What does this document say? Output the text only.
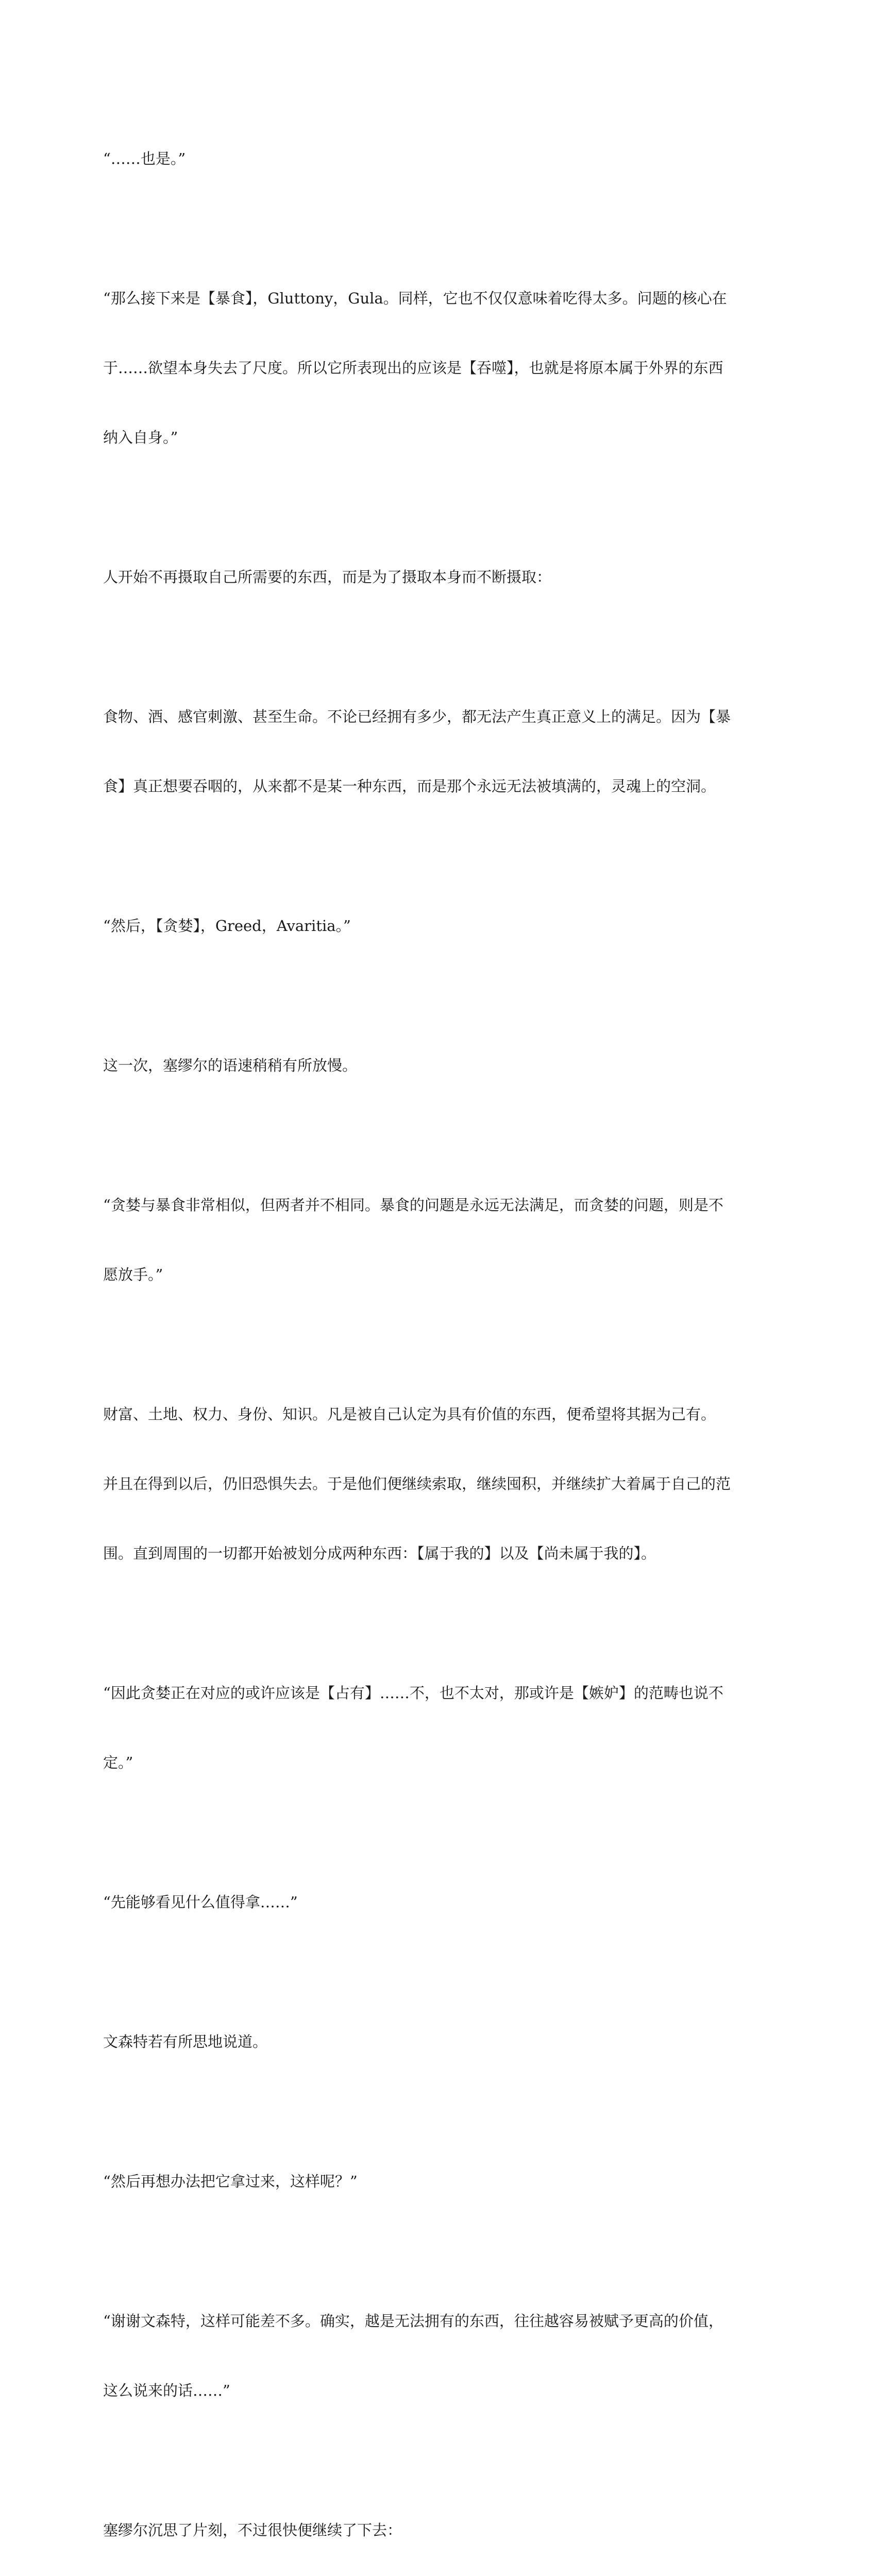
“……也是。”

“那么接下来是【暴食】，Gluttony，Gula。同样，它也不仅仅意味着吃得太多。问题的核心在

于……欲望本身失去了尺度。所以它所表现出的应该是【吞噬】，也就是将原本属于外界的东西

纳入自身。”

人开始不再摄取自己所需要的东西，而是为了摄取本身而不断摄取：

食物、酒、感官刺激、甚至生命。不论已经拥有多少，都无法产生真正意义上的满足。因为【暴

食】真正想要吞咽的，从来都不是某一种东西，而是那个永远无法被填满的，灵魂上的空洞。

“然后，【贪婪】，Greed，Avaritia。”

这一次，塞缪尔的语速稍稍有所放慢。

“贪婪与暴食非常相似，但两者并不相同。暴食的问题是永远无法满足，而贪婪的问题，则是不

愿放手。”

财富、土地、权力、身份、知识。凡是被自己认定为具有价值的东西，便希望将其据为己有。

并且在得到以后，仍旧恐惧失去。于是他们便继续索取，继续囤积，并继续扩大着属于自己的范

围。直到周围的一切都开始被划分成两种东西：【属于我的】以及【尚未属于我的】。

“因此贪婪正在对应的或许应该是【占有】……不，也不太对，那或许是【嫉妒】的范畴也说不

定。”

“先能够看见什么值得拿……”

文森特若有所思地说道。

“然后再想办法把它拿过来，这样呢？”

“谢谢文森特，这样可能差不多。确实，越是无法拥有的东西，往往越容易被赋予更高的价值，

这么说来的话……”

塞缪尔沉思了片刻，不过很快便继续了下去：
